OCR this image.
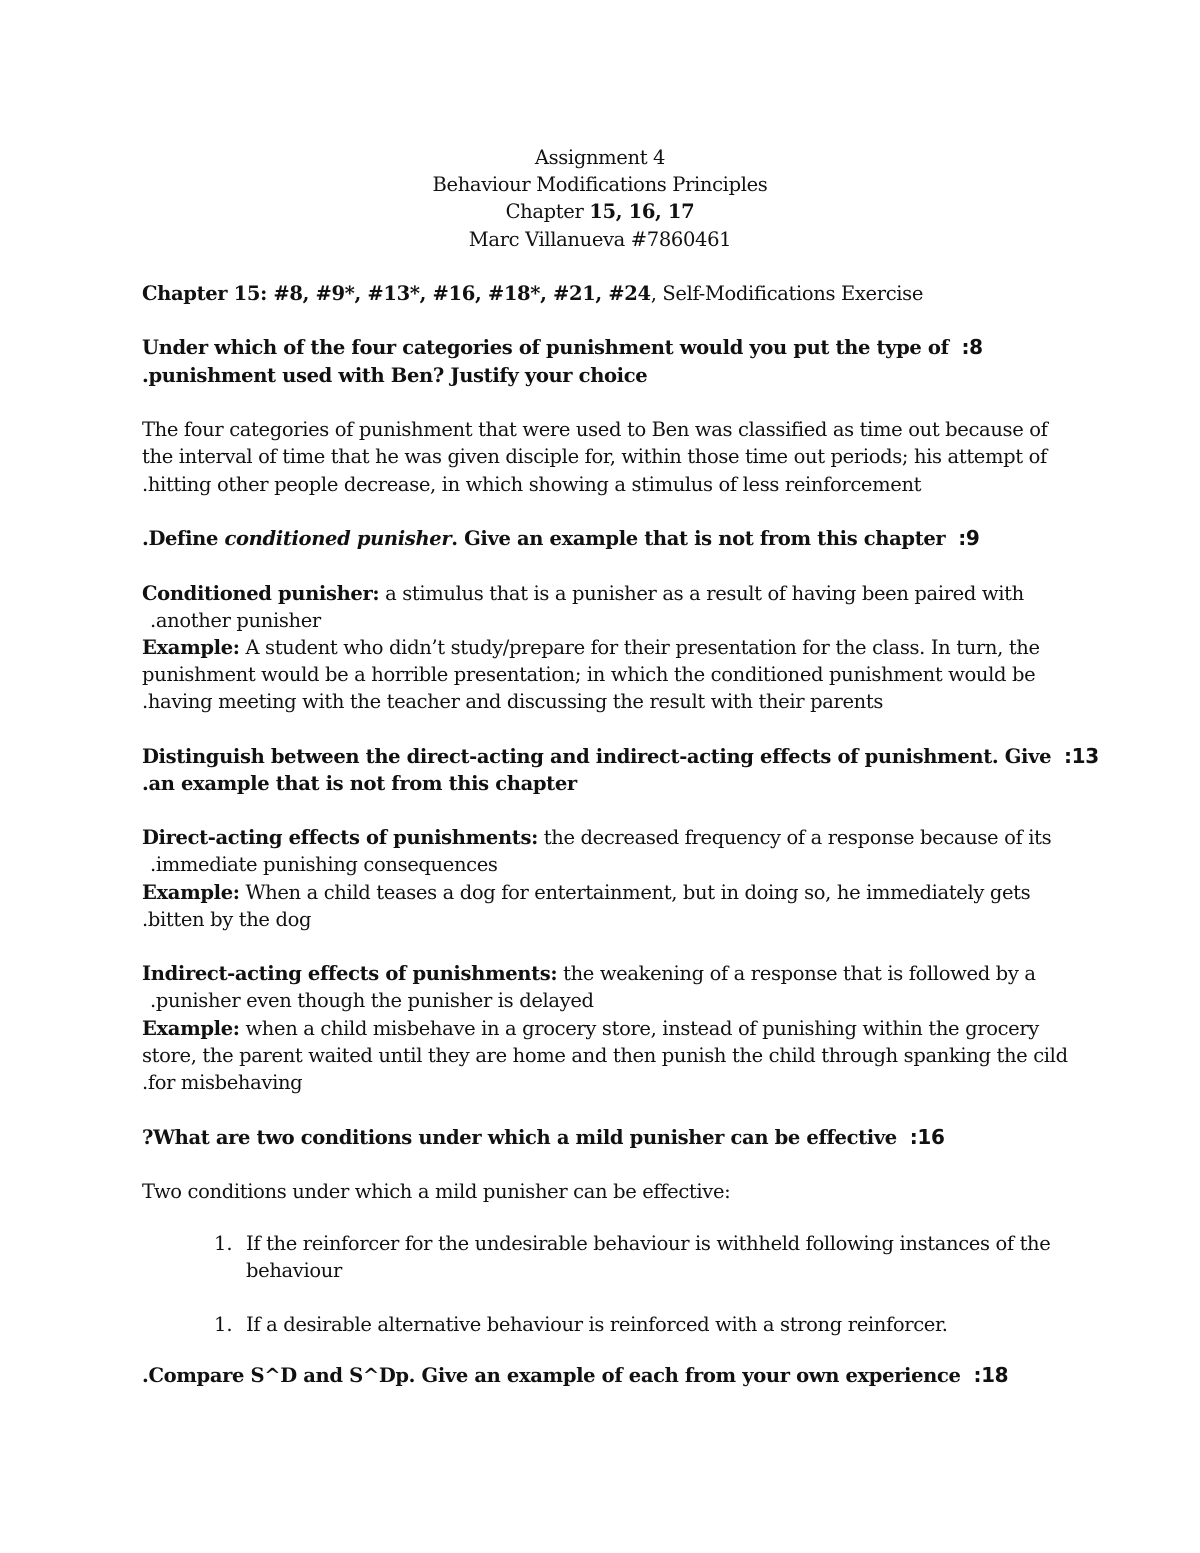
Assignment 4
Behaviour Modifications Principles
Chapter 15, 16, 17
Marc Villanueva #7860461
Chapter 15: #8, #9*, #13*, #16, #18*, #21, #24, Self-Modifications Exercise
Under which of the four categories of punishment would you put the type of :8
.punishment used with Ben? Justify your choice
The four categories of punishment that were used to Ben was classified as time out because of
the interval of time that he was given disciple for, within those time out periods; his attempt of
.hitting other people decrease, in which showing a stimulus of less reinforcement
.Define conditioned punisher. Give an example that is not from this chapter :9
Conditioned punisher: a stimulus that is a punisher as a result of having been paired with
.another punisher
Example: A student who didn’t study/prepare for their presentation for the class. In turn, the
punishment would be a horrible presentation; in which the conditioned punishment would be
.having meeting with the teacher and discussing the result with their parents
Distinguish between the direct-acting and indirect-acting effects of punishment. Give :13
.an example that is not from this chapter
Direct-acting effects of punishments: the decreased frequency of a response because of its
.immediate punishing consequences
Example: When a child teases a dog for entertainment, but in doing so, he immediately gets
.bitten by the dog
Indirect-acting effects of punishments: the weakening of a response that is followed by a
.punisher even though the punisher is delayed
Example: when a child misbehave in a grocery store, instead of punishing within the grocery
store, the parent waited until they are home and then punish the child through spanking the cild
.for misbehaving
?What are two conditions under which a mild punisher can be effective :16
Two conditions under which a mild punisher can be effective:
1. If the reinforcer for the undesirable behaviour is withheld following instances of the
behaviour
1. If a desirable alternative behaviour is reinforced with a strong reinforcer.
.Compare S^D and S^Dp. Give an example of each from your own experience :18
